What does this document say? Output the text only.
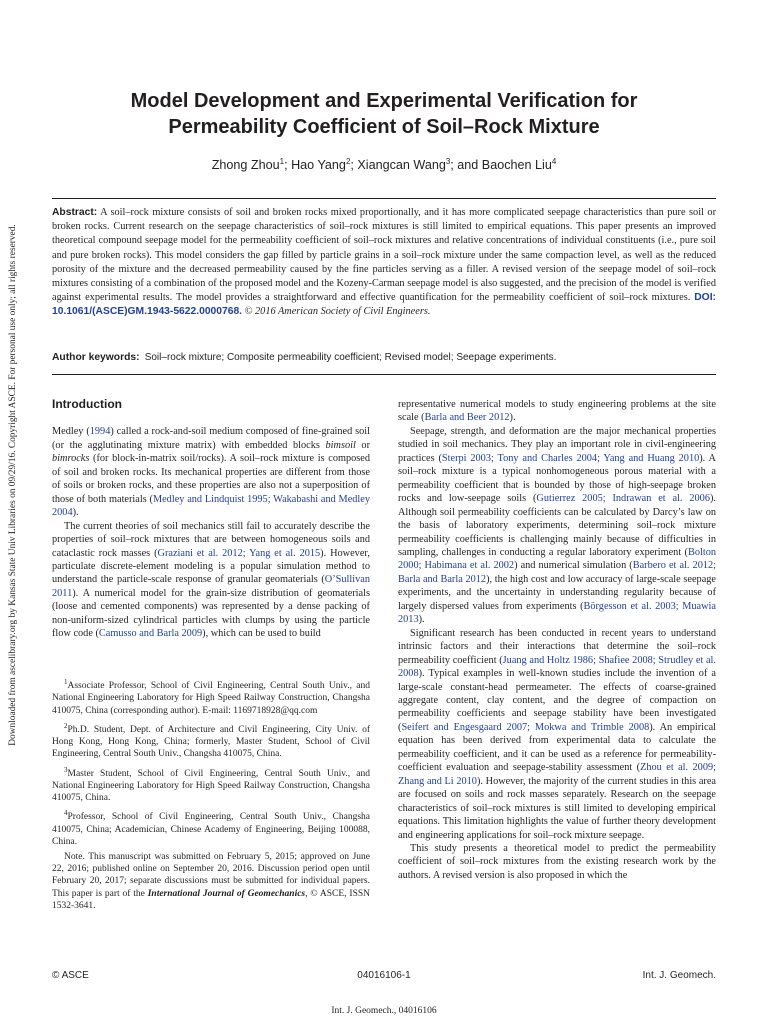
Downloaded from ascelibrary.org by Kansas State Univ Libraries on 09/29/16. Copyright ASCE. For personal use only; all rights reserved.
Model Development and Experimental Verification for
Permeability Coefficient of Soil–Rock Mixture
Zhong Zhou$^1$; Hao Yang$^2$; Xiangcan Wang$^3$; and Baochen Liu$^4$
Abstract: A soil–rock mixture consists of soil and broken rocks mixed proportionally, and it has more complicated seepage characteristics than pure soil or broken rocks. Current research on the seepage characteristics of soil–rock mixtures is still limited to empirical equations. This paper presents an improved theoretical compound seepage model for the permeability coefficient of soil–rock mixtures and relative concentrations of individual constituents (i.e., pure soil and pure broken rocks). This model considers the gap filled by particle grains in a soil–rock mixture under the same compaction level, as well as the reduced porosity of the mixture and the decreased permeability caused by the fine particles serving as a filler. A revised version of the seepage model of soil–rock mixtures consisting of a combination of the proposed model and the Kozeny-Carman seepage model is also suggested, and the precision of the model is verified against experimental results. The model provides a straightforward and effective quantification for the permeability coefficient of soil–rock mixtures. DOI: 10.1061/(ASCE)GM.1943-5622.0000768. © 2016 American Society of Civil Engineers.
Author keywords: Soil–rock mixture; Composite permeability coefficient; Revised model; Seepage experiments.
Introduction

Medley (1994) called a rock-and-soil medium composed of fine-grained soil (or the agglutinating mixture matrix) with embedded blocks bimsoil or bimrocks (for block-in-matrix soil/rocks). A soil–rock mixture is composed of soil and broken rocks. Its mechanical properties are different from those of soils or broken rocks, and these properties are also not a superposition of those of both materials (Medley and Lindquist 1995; Wakabashi and Medley 2004).

The current theories of soil mechanics still fail to accurately describe the properties of soil–rock mixtures that are between homogeneous soils and cataclastic rock masses (Graziani et al. 2012; Yang et al. 2015). However, particulate discrete-element modeling is a popular simulation method to understand the particle-scale response of granular geomaterials (O’Sullivan 2011). A numerical model for the grain-size distribution of geomaterials (loose and cemented components) was represented by a dense packing of non-uniform-sized cylindrical particles with clumps by using the particle flow code (Camusso and Barla 2009), which can be used to build

$^1$Associate Professor, School of Civil Engineering, Central South Univ., and National Engineering Laboratory for High Speed Railway Construction, Changsha 410075, China (corresponding author). E-mail: 1169718928@qq.com

$^2$Ph.D. Student, Dept. of Architecture and Civil Engineering, City Univ. of Hong Kong, Hong Kong, China; formerly, Master Student, School of Civil Engineering, Central South Univ., Changsha 410075, China.

$^3$Master Student, School of Civil Engineering, Central South Univ., and National Engineering Laboratory for High Speed Railway Construction, Changsha 410075, China.

$^4$Professor, School of Civil Engineering, Central South Univ., Changsha 410075, China; Academician, Chinese Academy of Engineering, Beijing 100088, China.

Note. This manuscript was submitted on February 5, 2015; approved on June 22, 2016; published online on September 20, 2016. Discussion period open until February 20, 2017; separate discussions must be submitted for individual papers. This paper is part of the International Journal of Geomechanics, © ASCE, ISSN 1532-3641.

representative numerical models to study engineering problems at the site scale (Barla and Beer 2012).

Seepage, strength, and deformation are the major mechanical properties studied in soil mechanics. They play an important role in civil-engineering practices (Sterpi 2003; Tony and Charles 2004; Yang and Huang 2010). A soil–rock mixture is a typical nonhomogeneous porous material with a permeability coefficient that is bounded by those of high-seepage broken rocks and low-seepage soils (Gutierrez 2005; Indrawan et al. 2006). Although soil permeability coefficients can be calculated by Darcy’s law on the basis of laboratory experiments, determining soil–rock mixture permeability coefficients is challenging mainly because of difficulties in sampling, challenges in conducting a regular laboratory experiment (Bolton 2000; Habimana et al. 2002) and numerical simulation (Barbero et al. 2012; Barla and Barla 2012), the high cost and low accuracy of large-scale seepage experiments, and the uncertainty in understanding regularity because of largely dispersed values from experiments (Börgesson et al. 2003; Muawia 2013).

Significant research has been conducted in recent years to understand intrinsic factors and their interactions that determine the soil–rock permeability coefficient (Juang and Holtz 1986; Shafiee 2008; Strudley et al. 2008). Typical examples in well-known studies include the invention of a large-scale constant-head permeameter. The effects of coarse-grained aggregate content, clay content, and the degree of compaction on permeability coefficients and seepage stability have been investigated (Seifert and Engesgaard 2007; Mokwa and Trimble 2008). An empirical equation has been derived from experimental data to calculate the permeability coefficient, and it can be used as a reference for permeability-coefficient evaluation and seepage-stability assessment (Zhou et al. 2009; Zhang and Li 2010). However, the majority of the current studies in this area are focused on soils and rock masses separately. Research on the seepage characteristics of soil–rock mixtures is still limited to developing empirical equations. This limitation highlights the value of further theory development and engineering applications for soil–rock mixture seepage.

This study presents a theoretical model to predict the permeability coefficient of soil–rock mixtures from the existing research work by the authors. A revised version is also proposed in which the

© ASCE	04016106-1	Int. J. Geomech.
Int. J. Geomech., 04016106
